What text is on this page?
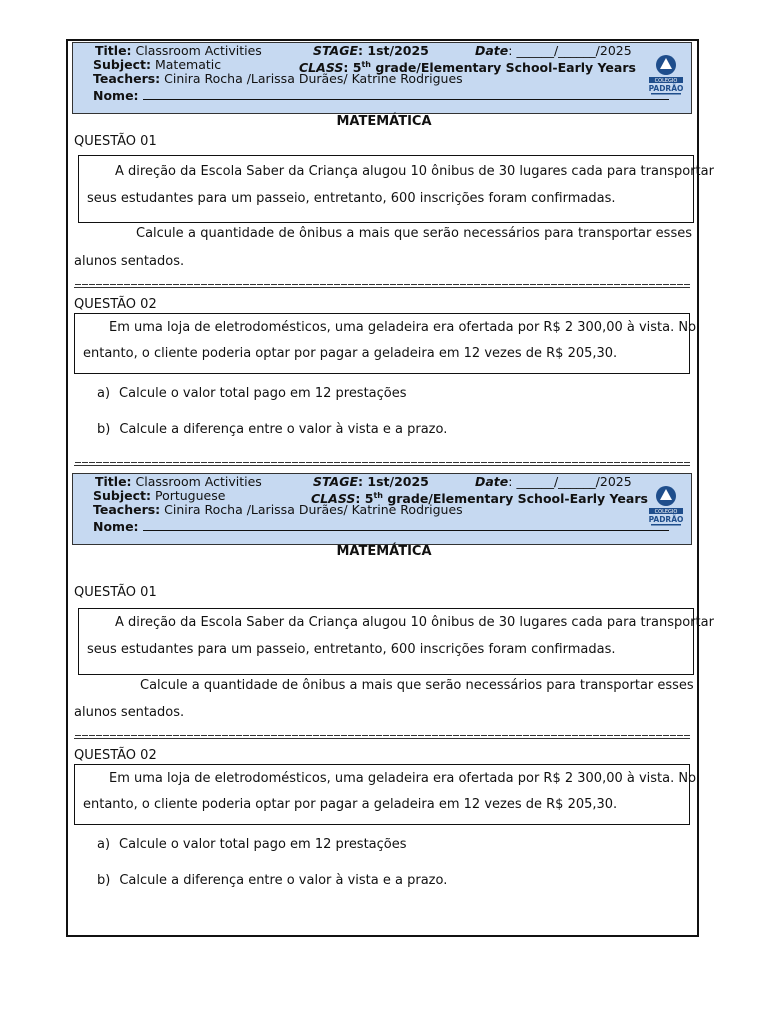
Title: Classroom Activities	STAGE: 1st/2025	Date: ______/______/2025
Subject: Matematic	CLASS: 5th grade/Elementary School-Early Years
Teachers: Cinira Rocha /Larissa Durães/ Katrine Rodrigues
Nome:
COLEGIO
PADRÃO
MATEMÁTICA
QUESTÃO 01
A direção da Escola Saber da Criança alugou 10 ônibus de 30 lugares cada para transportar
seus estudantes para um passeio, entretanto, 600 inscrições foram confirmadas.
Calcule a quantidade de ônibus a mais que serão necessários para transportar esses
alunos sentados.
QUESTÃO 02
Em uma loja de eletrodomésticos, uma geladeira era ofertada por R$ 2 300,00 à vista. No
entanto, o cliente poderia optar por pagar a geladeira em 12 vezes de R$ 205,30.
a) Calcule o valor total pago em 12 prestações
b) Calcule a diferença entre o valor à vista e a prazo.
Title: Classroom Activities	STAGE: 1st/2025	Date: ______/______/2025
Subject: Portuguese	CLASS: 5th grade/Elementary School-Early Years
Teachers: Cinira Rocha /Larissa Durães/ Katrine Rodrigues
Nome:
COLEGIO
PADRÃO
MATEMÁTICA
QUESTÃO 01
A direção da Escola Saber da Criança alugou 10 ônibus de 30 lugares cada para transportar
seus estudantes para um passeio, entretanto, 600 inscrições foram confirmadas.
Calcule a quantidade de ônibus a mais que serão necessários para transportar esses
alunos sentados.
QUESTÃO 02
Em uma loja de eletrodomésticos, uma geladeira era ofertada por R$ 2 300,00 à vista. No
entanto, o cliente poderia optar por pagar a geladeira em 12 vezes de R$ 205,30.
a) Calcule o valor total pago em 12 prestações
b) Calcule a diferença entre o valor à vista e a prazo.
